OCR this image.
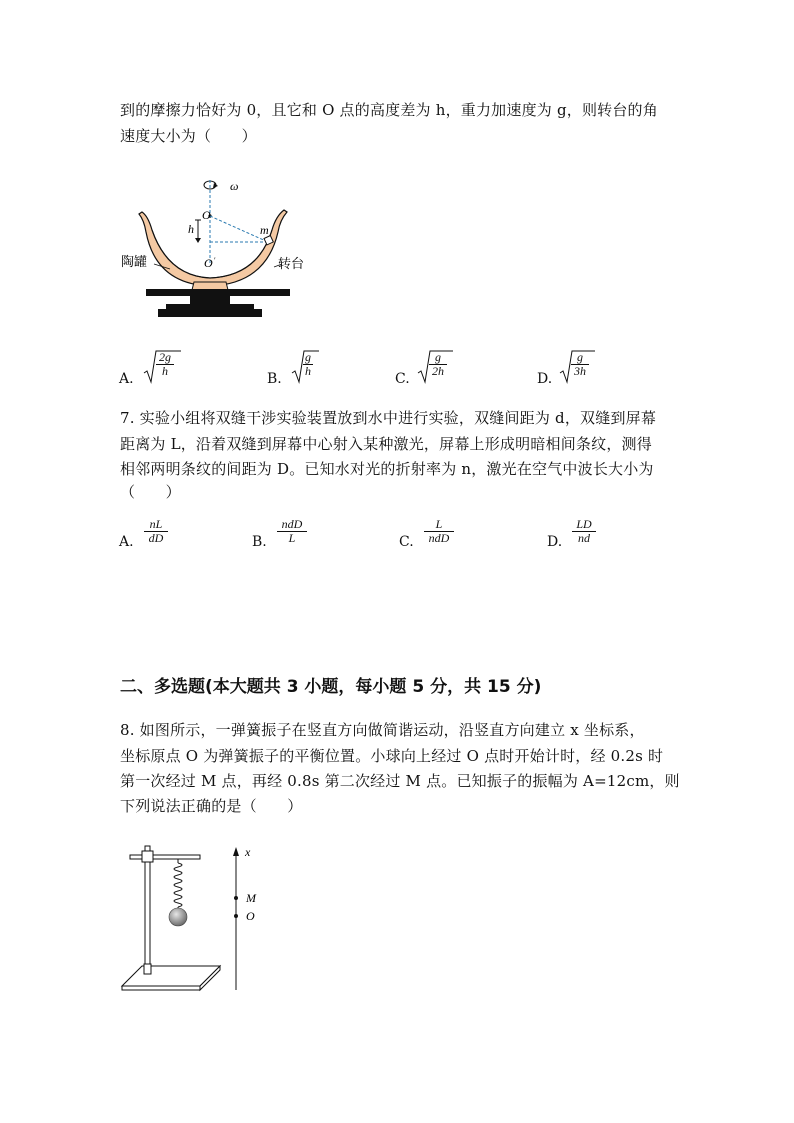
到的摩擦力恰好为 0，且它和 O 点的高度差为 h，重力加速度为 g，则转台的角
速度大小为（　　）
ω
O
h	m
O ′
陶罐	转台
A.
2g
h	B.
g
h	C.
g
2h	D.
g
3h
7. 实验小组将双缝干涉实验装置放到水中进行实验，双缝间距为 d，双缝到屏幕
距离为 L，沿着双缝到屏幕中心射入某种激光，屏幕上形成明暗相间条纹，测得
相邻两明条纹的间距为 D。已知水对光的折射率为 n，激光在空气中波长大小为
（　　）
A.
nL
dD	B.
ndD
L	C.
L
ndD	D.
LD
nd
二、多选题(本大题共 3 小题，每小题 5 分，共 15 分)
8. 如图所示，一弹簧振子在竖直方向做简谐运动，沿竖直方向建立 x 坐标系，
坐标原点 O 为弹簧振子的平衡位置。小球向上经过 O 点时开始计时，经 0.2s 时
第一次经过 M 点，再经 0.8s 第二次经过 M 点。已知振子的振幅为 A=12cm，则
下列说法正确的是（　　）
x
M
O
